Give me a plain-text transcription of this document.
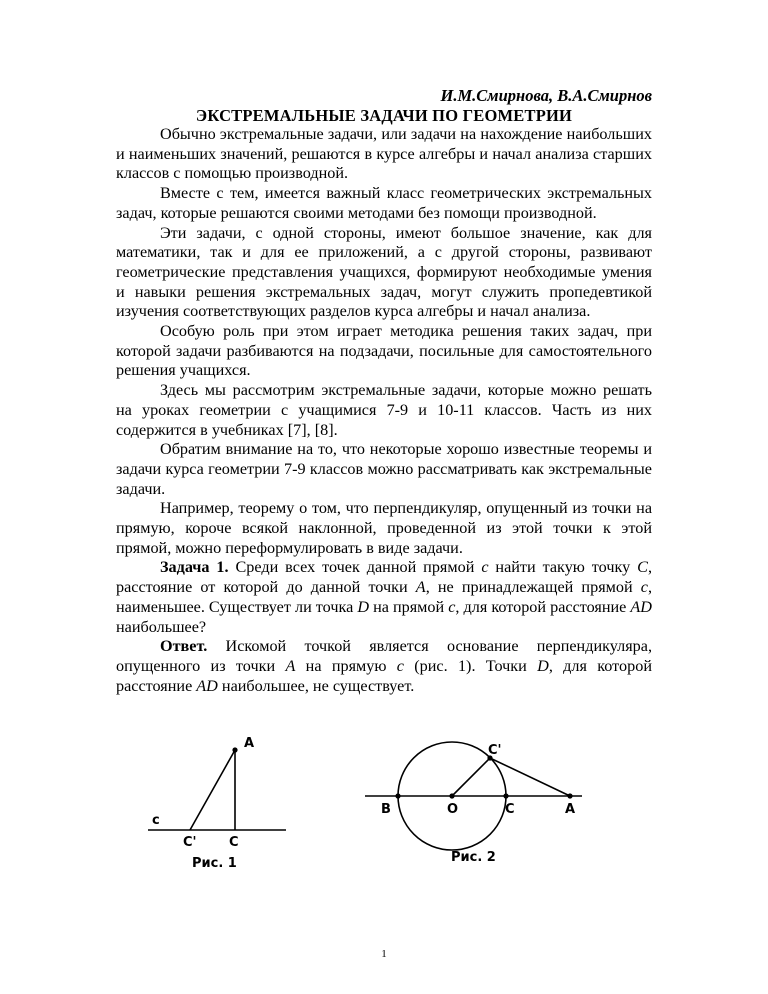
И.М.Смирнова, В.А.Смирнов
ЭКСТРЕМАЛЬНЫЕ ЗАДАЧИ ПО ГЕОМЕТРИИ

Обычно экстремальные задачи, или задачи на нахождение наибольших и наименьших значений, решаются в курсе алгебры и начал анализа старших классов с помощью производной.

Вместе с тем, имеется важный класс геометрических экстремальных задач, которые решаются своими методами без помощи производной.

Эти задачи, с одной стороны, имеют большое значение, как для математики, так и для ее приложений, а с другой стороны, развивают геометрические представления учащихся, формируют необходимые умения и навыки решения экстремальных задач, могут служить пропедевтикой изучения соответствующих разделов курса алгебры и начал анализа.

Особую роль при этом играет методика решения таких задач, при которой задачи разбиваются на подзадачи, посильные для самостоятельного решения учащихся.

Здесь мы рассмотрим экстремальные задачи, которые можно решать на уроках геометрии с учащимися 7-9 и 10-11 классов. Часть из них содержится в учебниках [7], [8].

Обратим внимание на то, что некоторые хорошо известные теоремы и задачи курса геометрии 7-9 классов можно рассматривать как экстремальные задачи.

Например, теорему о том, что перпендикуляр, опущенный из точки на прямую, короче всякой наклонной, проведенной из этой точки к этой прямой, можно переформулировать в виде задачи.

Задача 1. Среди всех точек данной прямой c найти такую точку C, расстояние от которой до данной точки A, не принадлежащей прямой c, наименьшее. Существует ли точка D на прямой c, для которой расстояние AD наибольшее?

Ответ. Искомой точкой является основание перпендикуляра, опущенного из точки A на прямую c (рис. 1). Точки D, для которой расстояние AD наибольшее, не существует.

A
c
C' C
Рис. 1
C'
B	O	C	A
Рис. 2
1
